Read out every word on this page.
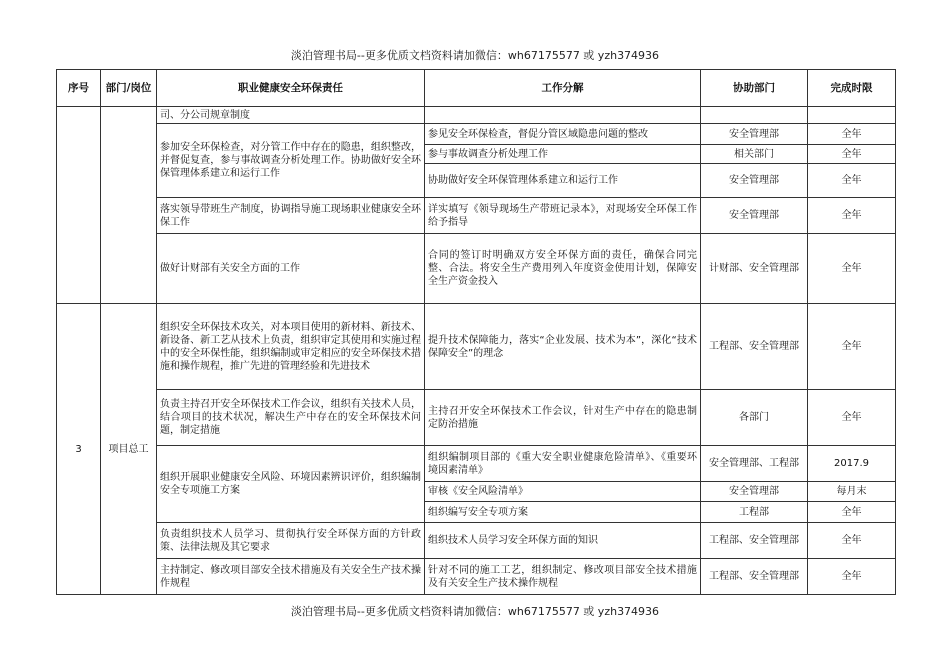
淡泊管理书局--更多优质文档资料请加微信：wh67175577 或 yzh374936
序号	部门/岗位	职业健康安全环保责任	工作分解	协助部门	完成时限
		司、分公司规章制度			
		参加安全环保检查，对分管工作中存在的隐患，组织整改，并督促复查，参与事故调查分析处理工作。协助做好安全环保管理体系建立和运行工作	参见安全环保检查，督促分管区域隐患问题的整改	安全管理部	全年
			参与事故调查分析处理工作	相关部门	全年
			协助做好安全环保管理体系建立和运行工作	安全管理部	全年
		落实领导带班生产制度，协调指导施工现场职业健康安全环保工作	详实填写《领导现场生产带班记录本》，对现场安全环保工作给予指导	安全管理部	全年
		做好计财部有关安全方面的工作	合同的签订时明确双方安全环保方面的责任，确保合同完整、合法。将安全生产费用列入年度资金使用计划，保障安全生产资金投入	计财部、安全管理部	全年
3	项目总工	组织安全环保技术攻关，对本项目使用的新材料、新技术、新设备、新工艺从技术上负责，组织审定其使用和实施过程中的安全环保性能，组织编制或审定相应的安全环保技术措施和操作规程，推广先进的管理经验和先进技术	提升技术保障能力，落实“企业发展、技术为本”，深化“技术保障安全”的理念	工程部、安全管理部	全年
		负责主持召开安全环保技术工作会议，组织有关技术人员，结合项目的技术状况，解决生产中存在的安全环保技术问题，制定措施	主持召开安全环保技术工作会议，针对生产中存在的隐患制定防治措施	各部门	全年
		组织开展职业健康安全风险、环境因素辨识评价，组织编制安全专项施工方案	组织编制项目部的《重大安全职业健康危险清单》、《重要环境因素清单》	安全管理部、工程部	2017.9
			审核《安全风险清单》	安全管理部	每月末
			组织编写安全专项方案	工程部	全年
		负责组织技术人员学习、贯彻执行安全环保方面的方针政策、法律法规及其它要求	组织技术人员学习安全环保方面的知识	工程部、安全管理部	全年
		主持制定、修改项目部安全技术措施及有关安全生产技术操作规程	针对不同的施工工艺，组织制定、修改项目部安全技术措施及有关安全生产技术操作规程	工程部、安全管理部	全年
淡泊管理书局--更多优质文档资料请加微信：wh67175577 或 yzh374936
